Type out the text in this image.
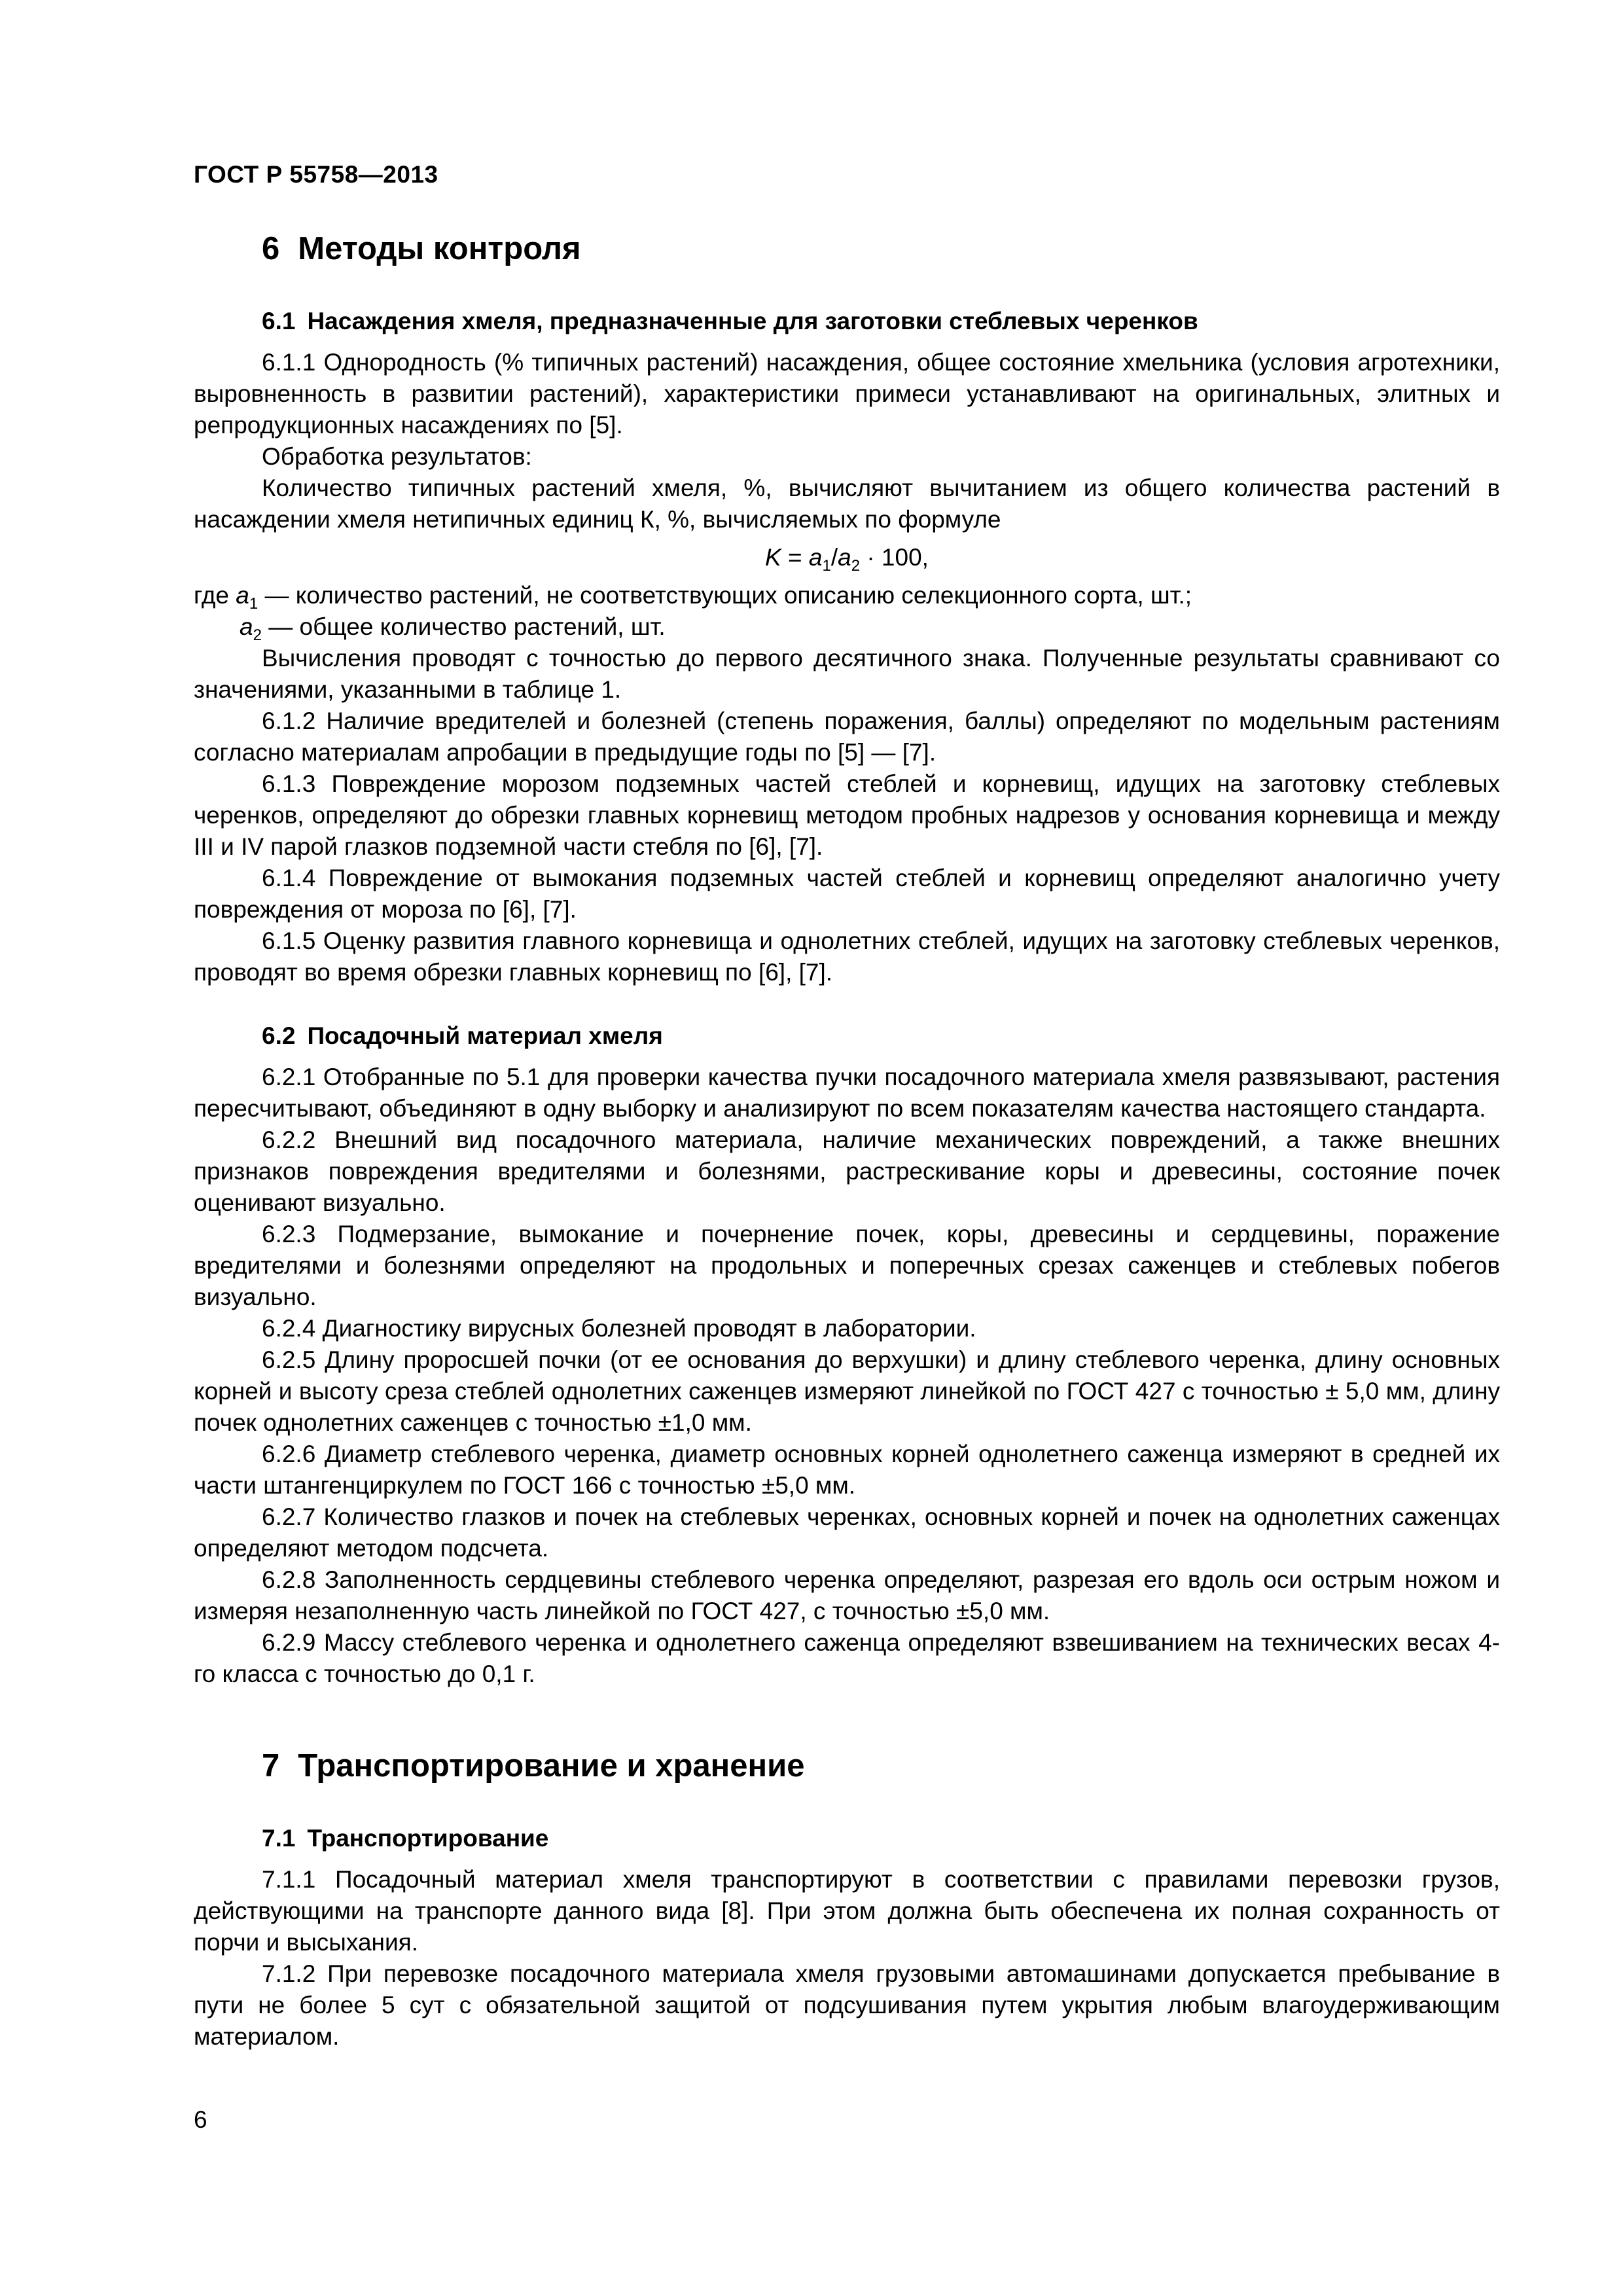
ГОСТ Р 55758—2013
6 Методы контроля
6.1 Насаждения хмеля, предназначенные для заготовки стеблевых черенков

6.1.1 Однородность (% типичных растений) насаждения, общее состояние хмельника (условия агротехники, выровненность в развитии растений), характеристики примеси устанавливают на оригинальных, элитных и репродукционных насаждениях по [5].

Обработка результатов:

Количество типичных растений хмеля, %, вычисляют вычитанием из общего количества растений в насаждении хмеля нетипичных единиц К, %, вычисляемых по формуле

$K = a_1/a_2 \cdot 100$,
где $a_1$ — количество растений, не соответствующих описанию селекционного сорта, шт.;
$a_2$ — общее количество растений, шт.

Вычисления проводят с точностью до первого десятичного знака. Полученные результаты сравнивают со значениями, указанными в таблице 1.

6.1.2 Наличие вредителей и болезней (степень поражения, баллы) определяют по модельным растениям согласно материалам апробации в предыдущие годы по [5] — [7].

6.1.3 Повреждение морозом подземных частей стеблей и корневищ, идущих на заготовку стеблевых черенков, определяют до обрезки главных корневищ методом пробных надрезов у основания корневища и между III и IV парой глазков подземной части стебля по [6], [7].

6.1.4 Повреждение от вымокания подземных частей стеблей и корневищ определяют аналогично учету повреждения от мороза по [6], [7].

6.1.5 Оценку развития главного корневища и однолетних стеблей, идущих на заготовку стеблевых черенков, проводят во время обрезки главных корневищ по [6], [7].

6.2 Посадочный материал хмеля

6.2.1 Отобранные по 5.1 для проверки качества пучки посадочного материала хмеля развязывают, растения пересчитывают, объединяют в одну выборку и анализируют по всем показателям качества настоящего стандарта.

6.2.2 Внешний вид посадочного материала, наличие механических повреждений, а также внешних признаков повреждения вредителями и болезнями, растрескивание коры и древесины, состояние почек оценивают визуально.

6.2.3 Подмерзание, вымокание и почернение почек, коры, древесины и сердцевины, поражение вредителями и болезнями определяют на продольных и поперечных срезах саженцев и стеблевых побегов визуально.

6.2.4 Диагностику вирусных болезней проводят в лаборатории.

6.2.5 Длину проросшей почки (от ее основания до верхушки) и длину стеблевого черенка, длину основных корней и высоту среза стеблей однолетних саженцев измеряют линейкой по ГОСТ 427 с точностью ± 5,0 мм, длину почек однолетних саженцев с точностью ±1,0 мм.

6.2.6 Диаметр стеблевого черенка, диаметр основных корней однолетнего саженца измеряют в средней их части штангенциркулем по ГОСТ 166 с точностью ±5,0 мм.

6.2.7 Количество глазков и почек на стеблевых черенках, основных корней и почек на однолетних саженцах определяют методом подсчета.

6.2.8 Заполненность сердцевины стеблевого черенка определяют, разрезая его вдоль оси острым ножом и измеряя незаполненную часть линейкой по ГОСТ 427, с точностью ±5,0 мм.

6.2.9 Массу стеблевого черенка и однолетнего саженца определяют взвешиванием на технических весах 4-го класса с точностью до 0,1 г.

7 Транспортирование и хранение
7.1 Транспортирование

7.1.1 Посадочный материал хмеля транспортируют в соответствии с правилами перевозки грузов, действующими на транспорте данного вида [8]. При этом должна быть обеспечена их полная сохранность от порчи и высыхания.

7.1.2 При перевозке посадочного материала хмеля грузовыми автомашинами допускается пребывание в пути не более 5 сут с обязательной защитой от подсушивания путем укрытия любым влагоудерживающим материалом.

6
